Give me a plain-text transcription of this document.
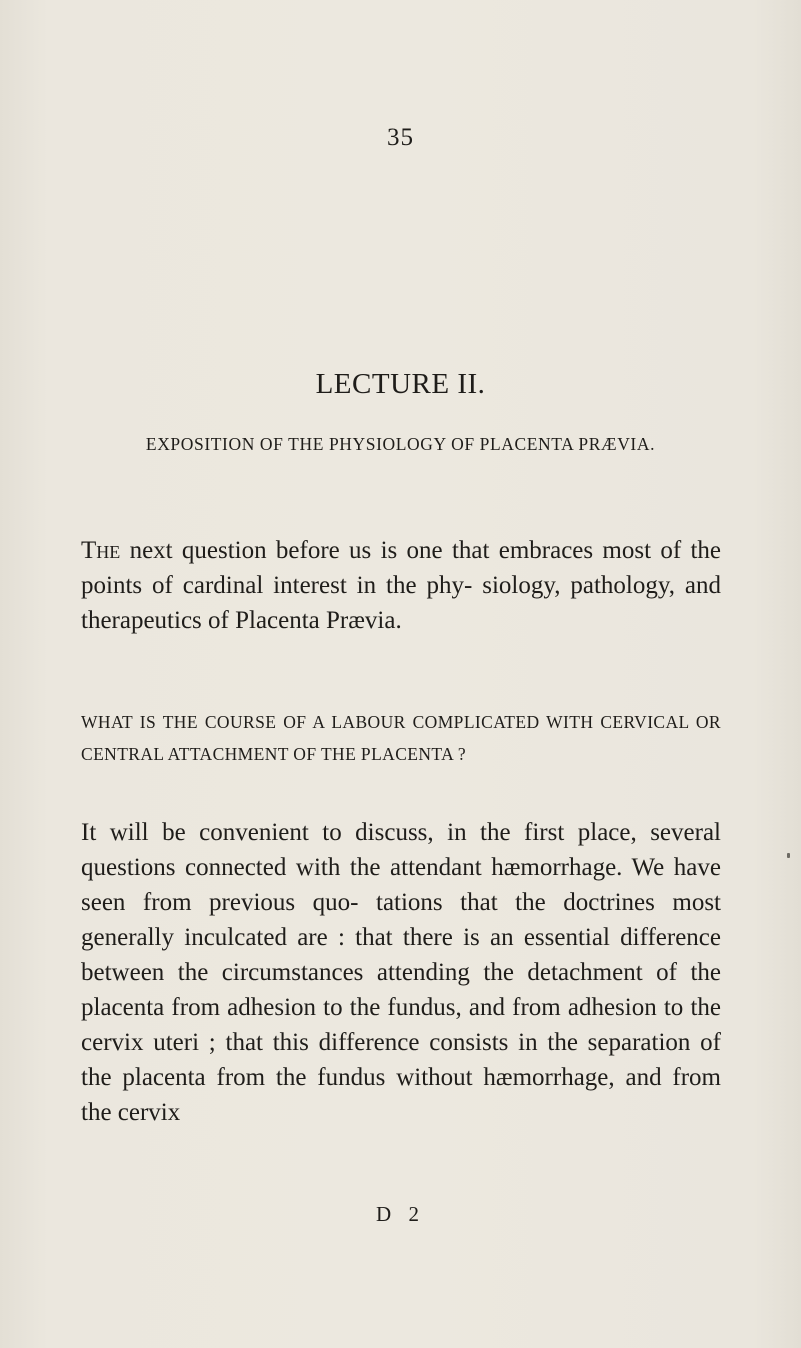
35
LECTURE II.
EXPOSITION OF THE PHYSIOLOGY OF PLACENTA PRÆVIA.
The next question before us is one that embraces most of the points of cardinal interest in the phy- siology, pathology, and therapeutics of Placenta Prævia.
WHAT IS THE COURSE OF A LABOUR COMPLICATED WITH CERVICAL OR CENTRAL ATTACHMENT OF THE PLACENTA ?
It will be convenient to discuss, in the first place, several questions connected with the attendant hæmorrhage. We have seen from previous quo- tations that the doctrines most generally inculcated are : that there is an essential difference between the circumstances attending the detachment of the placenta from adhesion to the fundus, and from adhesion to the cervix uteri ; that this difference consists in the separation of the placenta from the fundus without hæmorrhage, and from the cervix
D 2
